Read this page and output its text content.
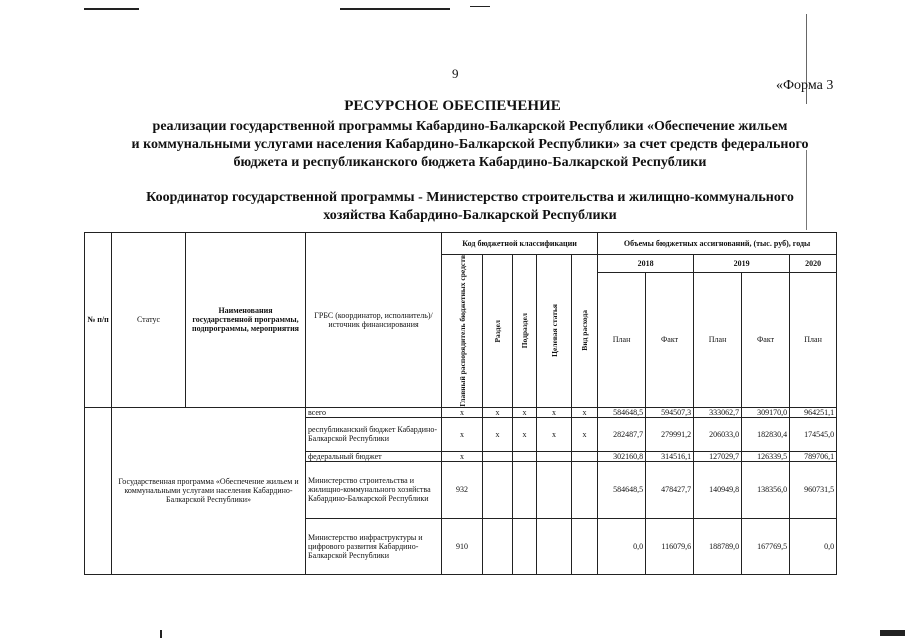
9
«Форма 3
РЕСУРСНОЕ ОБЕСПЕЧЕНИЕ
реализации государственной программы Кабардино-Балкарской Республики «Обеспечение жильем
и коммунальными услугами населения Кабардино-Балкарской Республики» за счет средств федерального
бюджета и республиканского бюджета Кабардино-Балкарской Республики
Координатор государственной программы - Министерство строительства и жилищно-коммунального
хозяйства Кабардино-Балкарской Республики
№ п/п	Статус	Наименования государственной программы, подпрограммы, мероприятия	ГРБС (координатор, исполнитель)/источник финансирования	Код бюджетной классификации					Объемы бюджетных ассигнований, (тыс. руб), годы				

				Главный распорядитель бюджетных средств	Раздел	Подраздел	Целевая статья	Вид расхода	2018		2019		2020
									План	Факт	План	Факт	План
	Государственная программа «Обеспечение жильем и коммунальными услугами населения Кабардино-Балкарской Республики»		всего	x	x	x	x	x	584648,5	594507,3	333062,7	309170,0	964251,1
			республиканский бюджет Кабардино- Балкарской Республики	x	x	x	x	x	282487,7	279991,2	206033,0	182830,4	174545,0
			федеральный бюджет	x					302160,8	314516,1	127029,7	126339,5	789706,1
			Министерство строительства и жилищно-коммунального хозяйства Кабардино-Балкарской Республики	932					584648,5	478427,7	140949,8	138356,0	960731,5
			Министерство инфраструктуры и цифрового развития Кабардино-Балкарской Республики	910					0,0	116079,6	188789,0	167769,5	0,0
